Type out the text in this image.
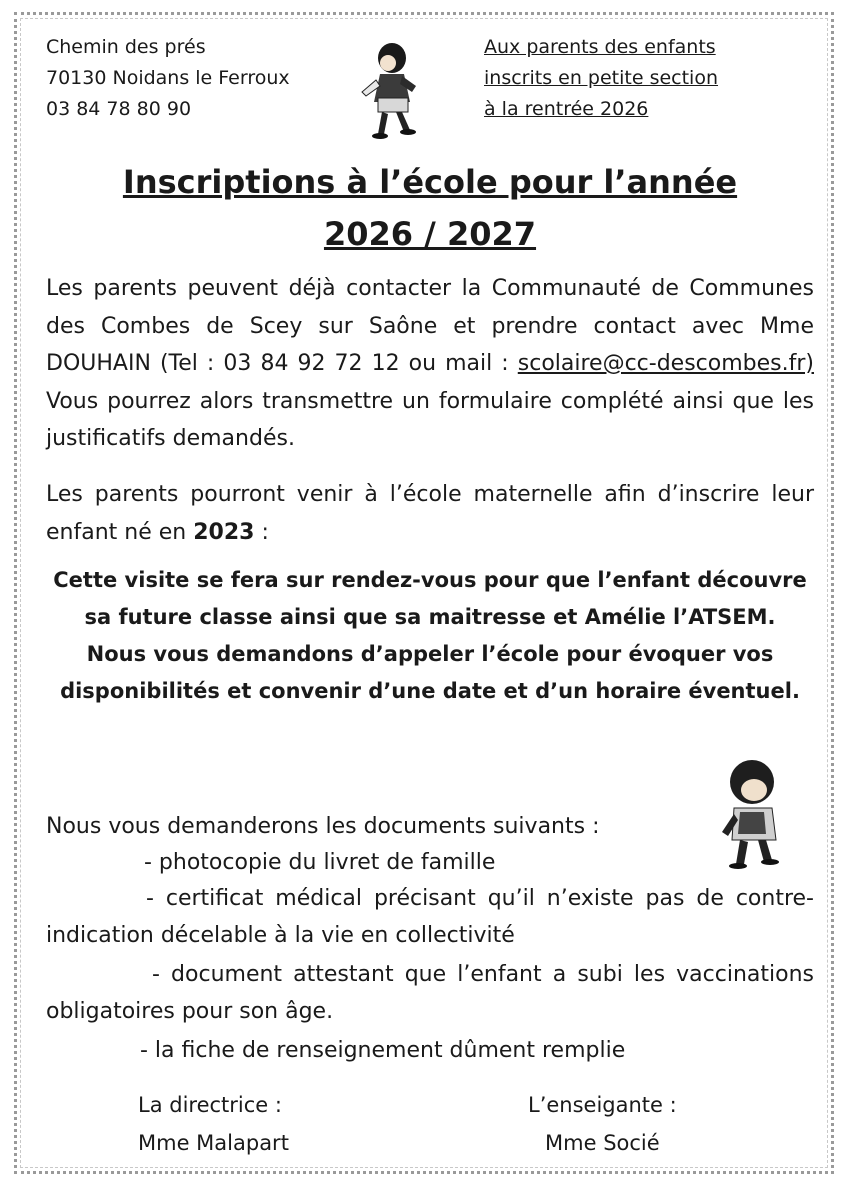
Chemin des prés
70130 Noidans le Ferroux
03 84 78 80 90
Aux parents des enfants
inscrits en petite section
à la rentrée 2026
Inscriptions à l’école pour l’année
2026 / 2027
Les parents peuvent déjà contacter la Communauté de Communes des Combes de Scey sur Saône et prendre contact avec Mme DOUHAIN (Tel : 03 84 92 72 12 ou mail : scolaire@cc-descombes.fr) Vous pourrez alors transmettre un formulaire complété ainsi que les justificatifs demandés.
Les parents pourront venir à l’école maternelle afin d’inscrire leur enfant né en 2023 :
Cette visite se fera sur rendez-vous pour que l’enfant découvre sa future classe ainsi que sa maitresse et Amélie l’ATSEM.
Nous vous demandons d’appeler l’école pour évoquer vos disponibilités et convenir d’une date et d’un horaire éventuel.
Nous vous demanderons les documents suivants :
- photocopie du livret de famille
- certificat médical précisant qu’il n’existe pas de contre-indication décelable à la vie en collectivité
- document attestant que l’enfant a subi les vaccinations obligatoires pour son âge.
- la fiche de renseignement dûment remplie
La directrice :
Mme Malapart
L’enseigante :
Mme Socié
